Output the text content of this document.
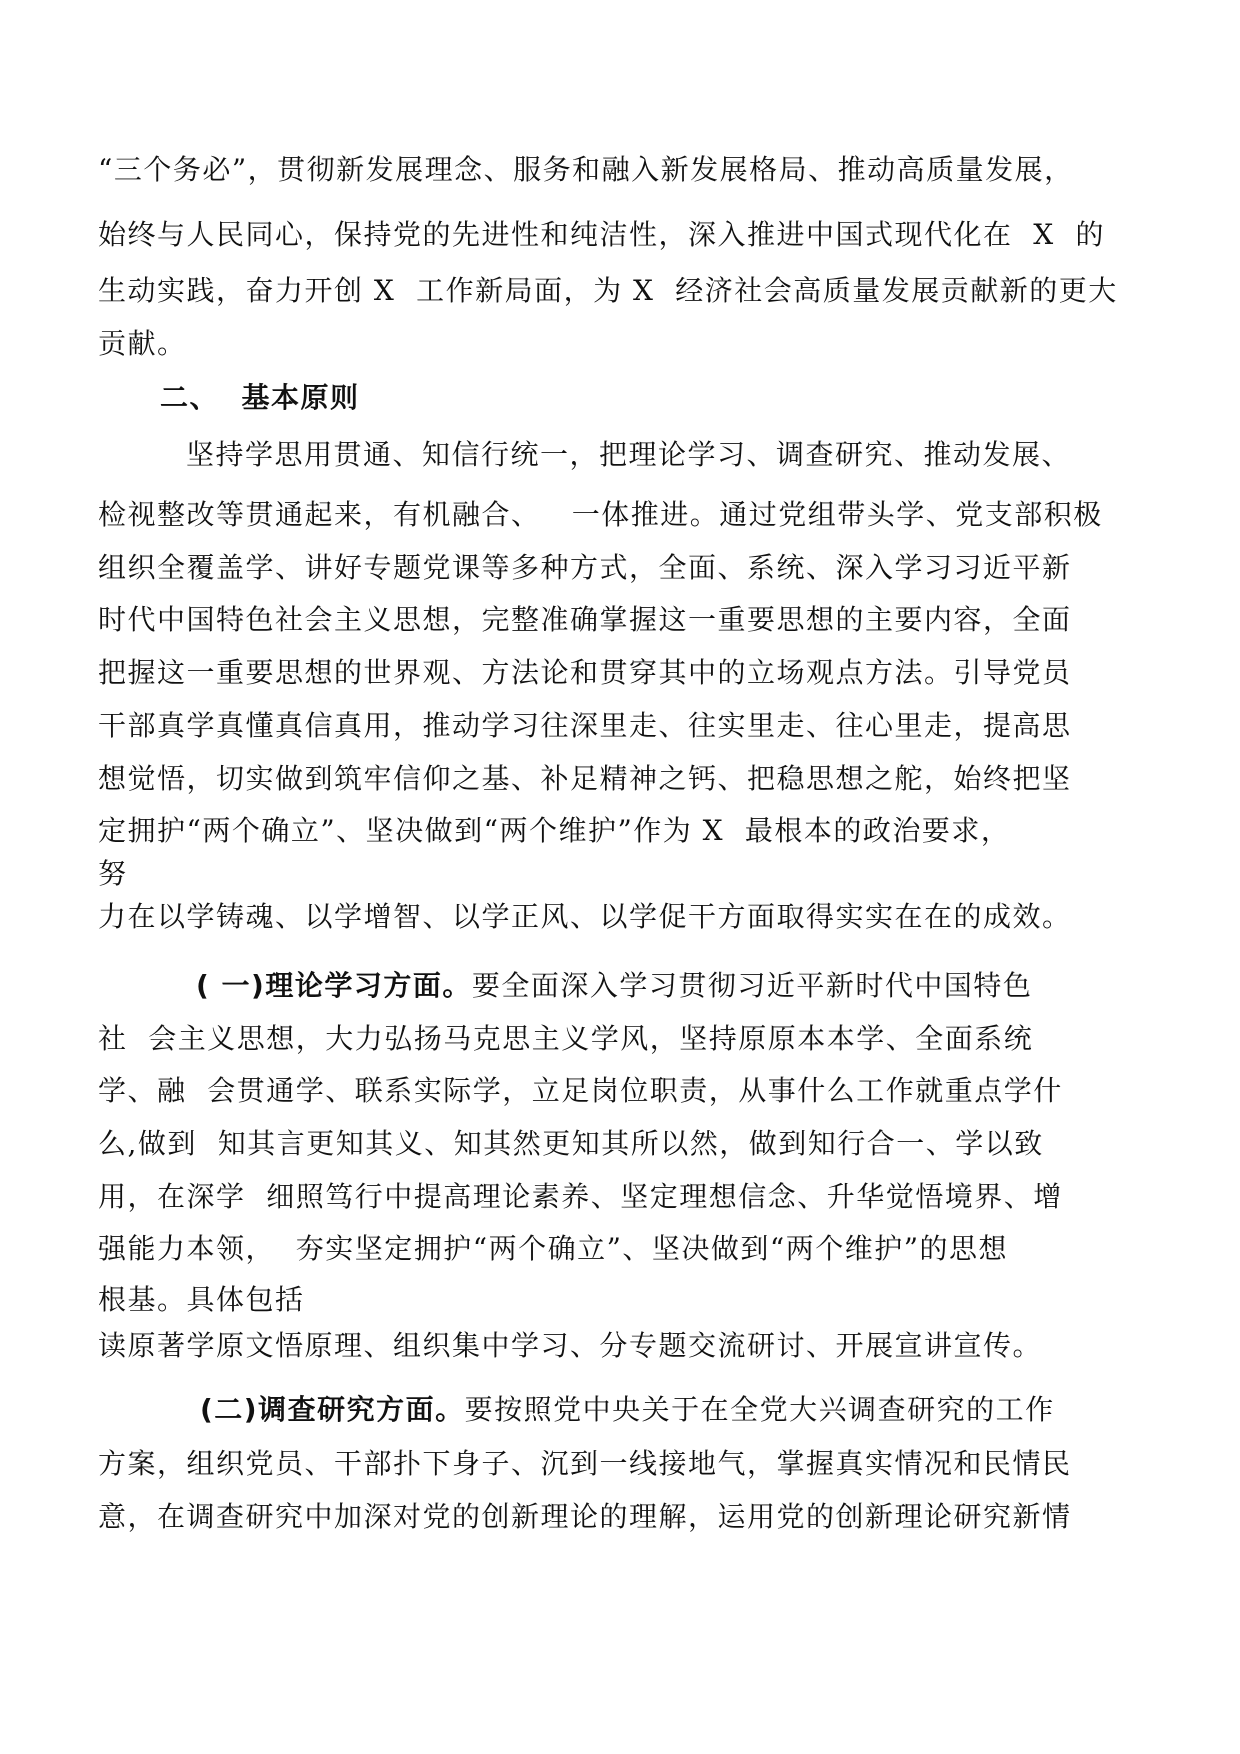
“三个务必”，贯彻新发展理念、服务和融入新发展格局、推动高质量发展，
始终与人民同心，保持党的先进性和纯洁性，深入推进中国式现代化在  X  的
生动实践，奋力开创 X  工作新局面，为 X  经济社会高质量发展贡献新的更大
贡献。
二、  基本原则
坚持学思用贯通、知信行统一，把理论学习、调查研究、推动发展、
检视整改等贯通起来，有机融合、   一体推进。通过党组带头学、党支部积极
组织全覆盖学、讲好专题党课等多种方式，全面、系统、深入学习习近平新
时代中国特色社会主义思想，完整准确掌握这一重要思想的主要内容，全面
把握这一重要思想的世界观、方法论和贯穿其中的立场观点方法。引导党员
干部真学真懂真信真用，推动学习往深里走、往实里走、往心里走，提高思
想觉悟，切实做到筑牢信仰之基、补足精神之钙、把稳思想之舵，始终把坚
定拥护“两个确立”、坚决做到“两个维护”作为 X  最根本的政治要求，
努
力在以学铸魂、以学增智、以学正风、以学促干方面取得实实在在的成效。
( 一)理论学习方面。要全面深入学习贯彻习近平新时代中国特色
社  会主义思想，大力弘扬马克思主义学风，坚持原原本本学、全面系统
学、融  会贯通学、联系实际学，立足岗位职责，从事什么工作就重点学什
么,做到  知其言更知其义、知其然更知其所以然，做到知行合一、学以致
用，在深学  细照笃行中提高理论素养、坚定理想信念、升华觉悟境界、增
强能力本领，  夯实坚定拥护“两个确立”、坚决做到“两个维护”的思想
根基。具体包括
读原著学原文悟原理、组织集中学习、分专题交流研讨、开展宣讲宣传。
(二)调查研究方面。要按照党中央关于在全党大兴调查研究的工作
方案，组织党员、干部扑下身子、沉到一线接地气，掌握真实情况和民情民
意，在调查研究中加深对党的创新理论的理解，运用党的创新理论研究新情
